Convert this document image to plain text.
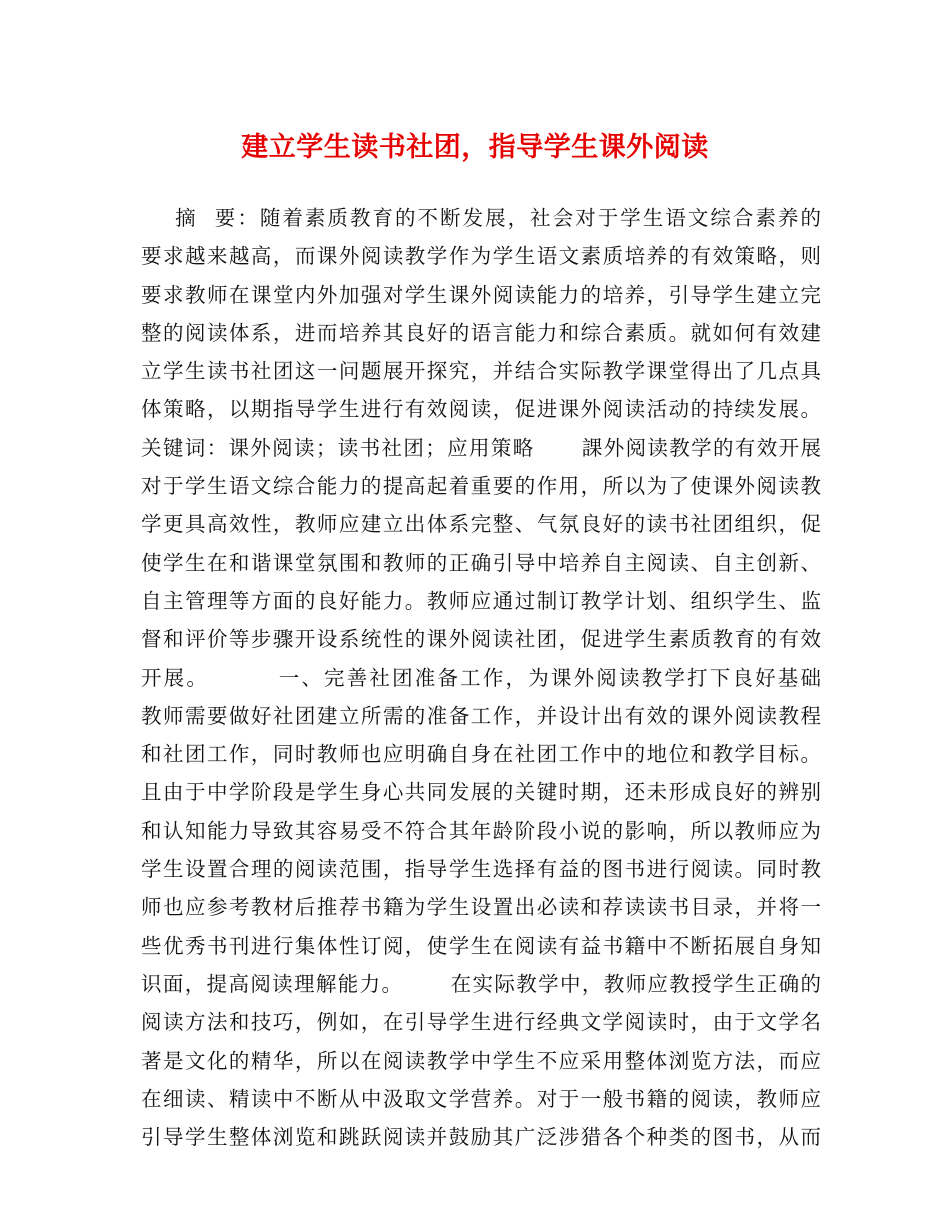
建立学生读书社团，指导学生课外阅读
摘  要：随着素质教育的不断发展，社会对于学生语文综合素养的
要求越来越高，而课外阅读教学作为学生语文素质培养的有效策略，则
要求教师在课堂内外加强对学生课外阅读能力的培养，引导学生建立完
整的阅读体系，进而培养其良好的语言能力和综合素质。就如何有效建
立学生读书社团这一问题展开探究，并结合实际教学课堂得出了几点具
体策略，以期指导学生进行有效阅读，促进课外阅读活动的持续发展。
关键词：课外阅读；读书社团；应用策略      課外阅读教学的有效开展
对于学生语文综合能力的提高起着重要的作用，所以为了使课外阅读教
学更具高效性，教师应建立出体系完整、气氛良好的读书社团组织，促
使学生在和谐课堂氛围和教师的正确引导中培养自主阅读、自主创新、
自主管理等方面的良好能力。教师应通过制订教学计划、组织学生、监
督和评价等步骤开设系统性的课外阅读社团，促进学生素质教育的有效
开展。        一、完善社团准备工作，为课外阅读教学打下良好基础
教师需要做好社团建立所需的准备工作，并设计出有效的课外阅读教程
和社团工作，同时教师也应明确自身在社团工作中的地位和教学目标。
且由于中学阶段是学生身心共同发展的关键时期，还未形成良好的辨别
和认知能力导致其容易受不符合其年龄阶段小说的影响，所以教师应为
学生设置合理的阅读范围，指导学生选择有益的图书进行阅读。同时教
师也应参考教材后推荐书籍为学生设置出必读和荐读读书目录，并将一
些优秀书刊进行集体性订阅，使学生在阅读有益书籍中不断拓展自身知
识面，提高阅读理解能力。      在实际教学中，教师应教授学生正确的
阅读方法和技巧，例如，在引导学生进行经典文学阅读时，由于文学名
著是文化的精华，所以在阅读教学中学生不应采用整体浏览方法，而应
在细读、精读中不断从中汲取文学营养。对于一般书籍的阅读，教师应
引导学生整体浏览和跳跃阅读并鼓励其广泛涉猎各个种类的图书，从而
